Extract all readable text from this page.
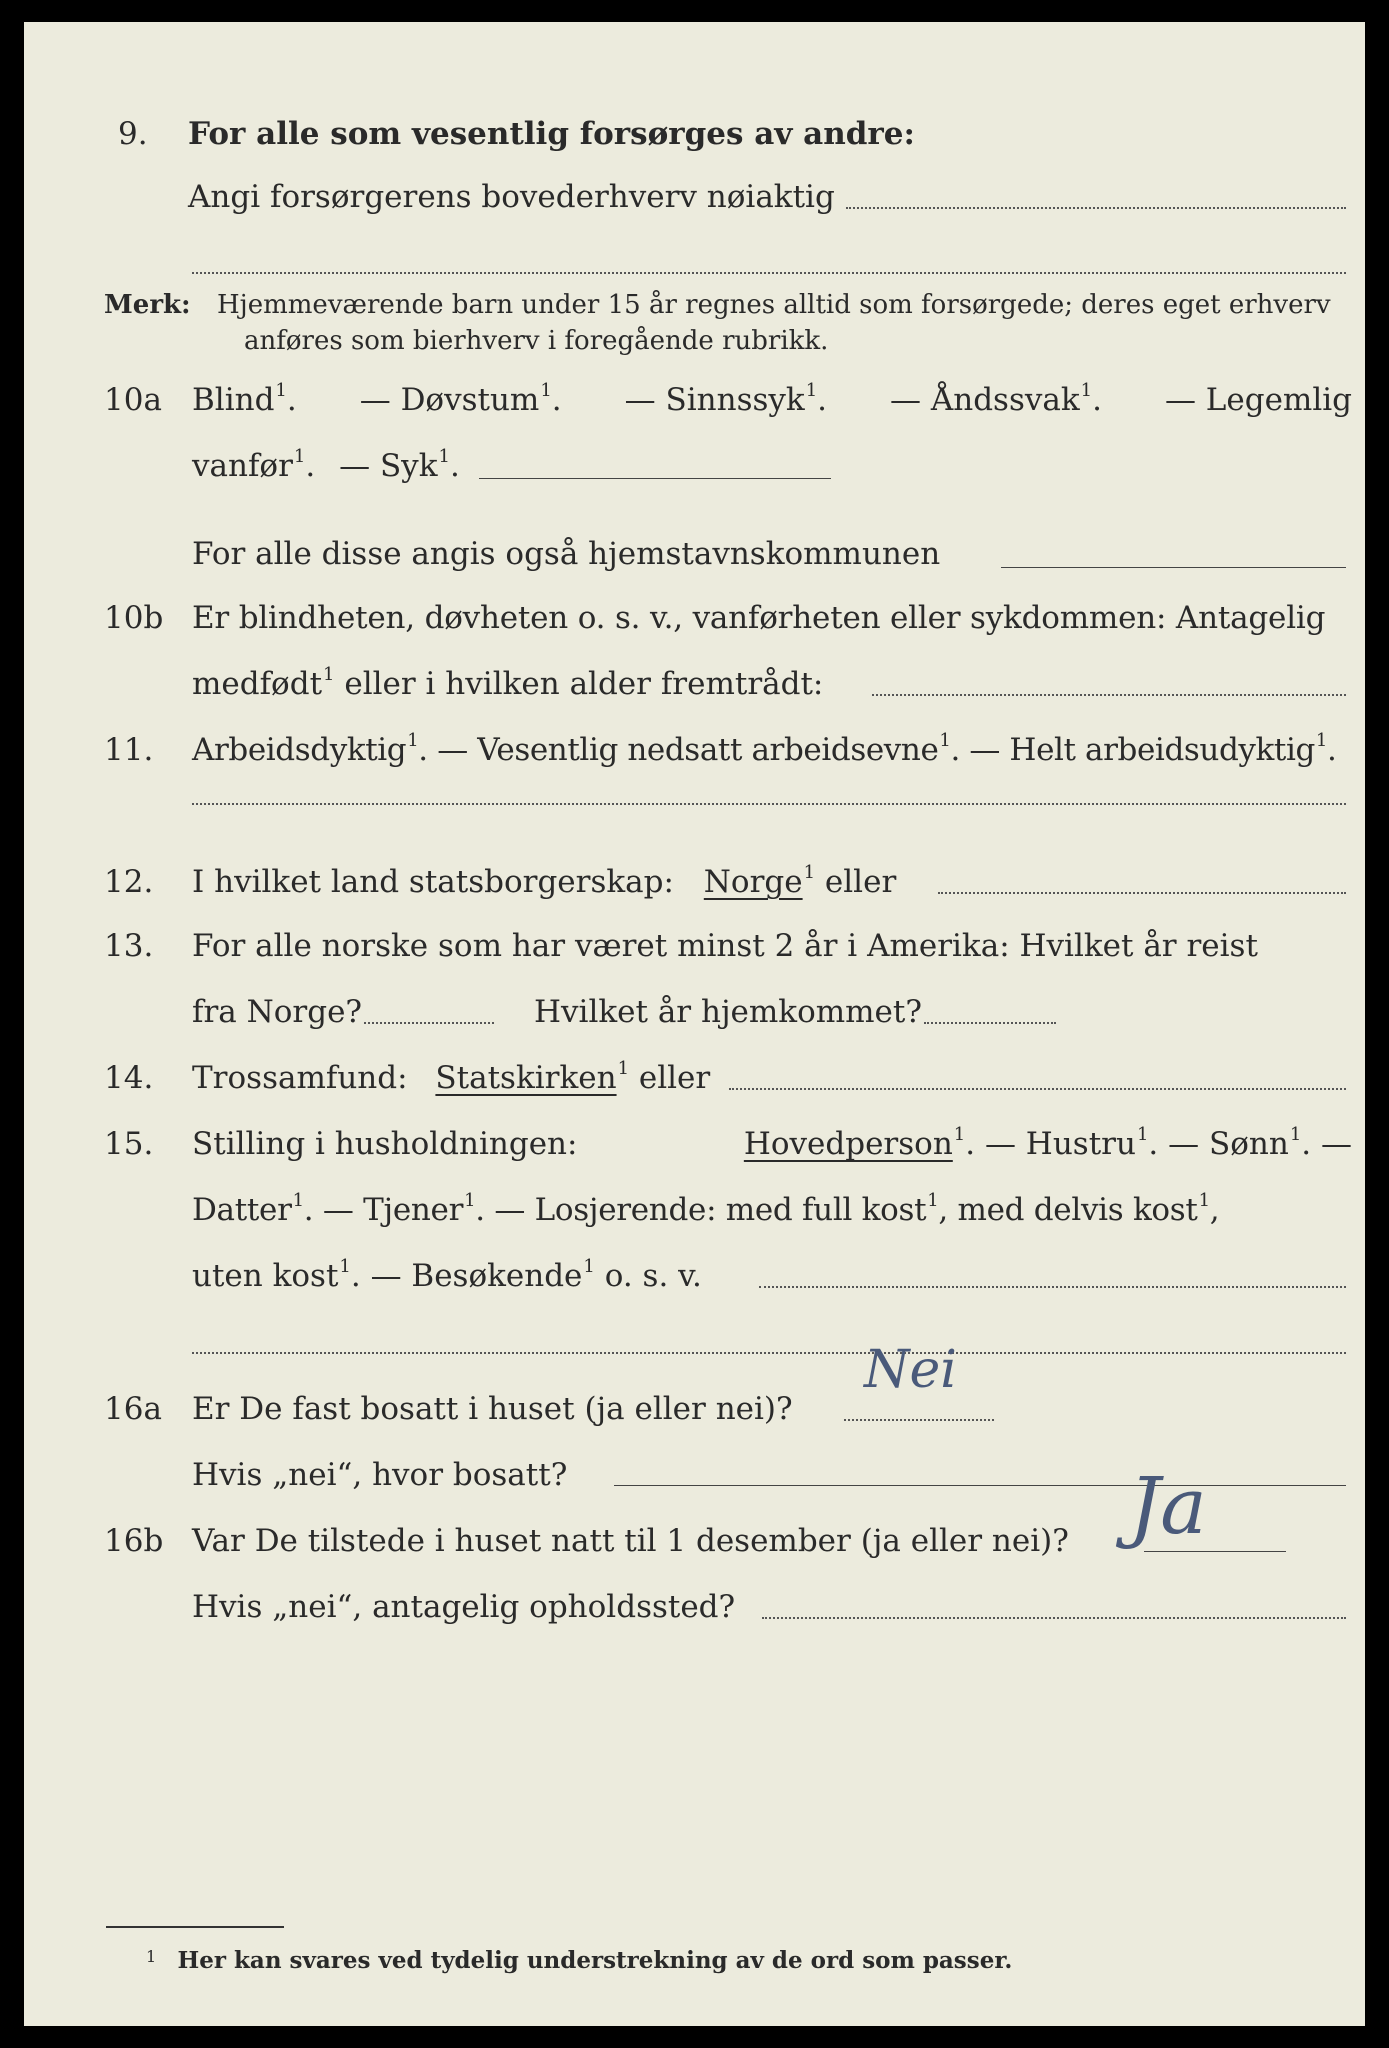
9. For alle som vesentlig forsørges av andre:
Angi forsørgerens bovederhverv nøiaktig
Merk: Hjemmeværende barn under 15 år regnes alltid som forsørgede; deres eget erhverv
anføres som bierhverv i foregående rubrikk.
10a Blind$^1$. — Døvstum$^1$. — Sinnssyk$^1$. — Åndssvak$^1$. — Legemlig
vanfør$^1$. — Syk$^1$.
For alle disse angis også hjemstavnskommunen
10b Er blindheten, døvheten o. s. v., vanførheten eller sykdommen: Antagelig
medfødt$^1$ eller i hvilken alder fremtrådt:
11. Arbeidsdyktig$^1$. — Vesentlig nedsatt arbeidsevne$^1$. — Helt arbeidsudyktig$^1$.
12. I hvilket land statsborgerskap: Norge$^1$ eller
13. For alle norske som har været minst 2 år i Amerika: Hvilket år reist
fra Norge?	Hvilket år hjemkommet?
14. Trossamfund: Statskirken$^1$ eller
15. Stilling i husholdningen:	Hovedperson$^1$. — Hustru$^1$. — Sønn$^1$. —
Datter$^1$. — Tjener$^1$. — Losjerende: med full kost$^1$, med delvis kost$^1$,
uten kost$^1$. — Besøkende$^1$ o. s. v.
16a Er De fast bosatt i huset (ja eller nei)?
Nei
Hvis „nei“, hvor bosatt?
16b Var De tilstede i huset natt til 1 desember (ja eller nei)? Ja
Hvis „nei“, antagelig opholdssted?
$^1$ Her kan svares ved tydelig understrekning av de ord som passer.
